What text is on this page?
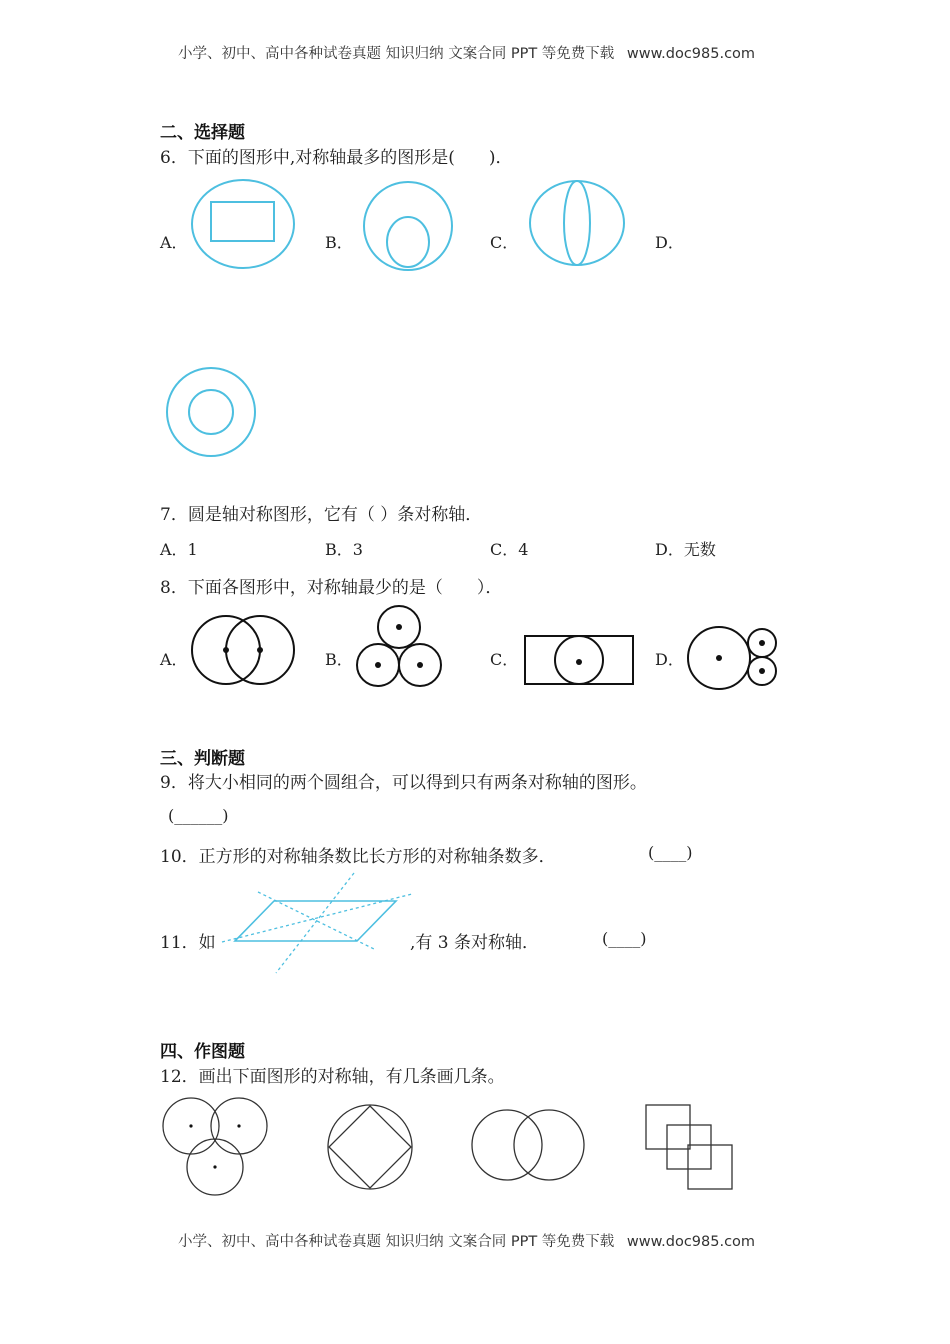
小学、初中、高中各种试卷真题 知识归纳 文案合同 PPT 等免费下载 www.doc985.com
二、选择题
6．下面的图形中,对称轴最多的图形是(　　)．
A．	B．	C．	D．
7．圆是轴对称图形，它有（ ）条对称轴．
A．1	B．3	C．4	D．无数
8．下面各图形中，对称轴最少的是（　　）．
A．	B．	C．	D．
三、判断题
9．将大小相同的两个圆组合，可以得到只有两条对称轴的图形。
(______)
10．正方形的对称轴条数比长方形的对称轴条数多．	(____)
11．如	,有 3 条对称轴．	(____)
四、作图题
12．画出下面图形的对称轴，有几条画几条。
小学、初中、高中各种试卷真题 知识归纳 文案合同 PPT 等免费下载 www.doc985.com
